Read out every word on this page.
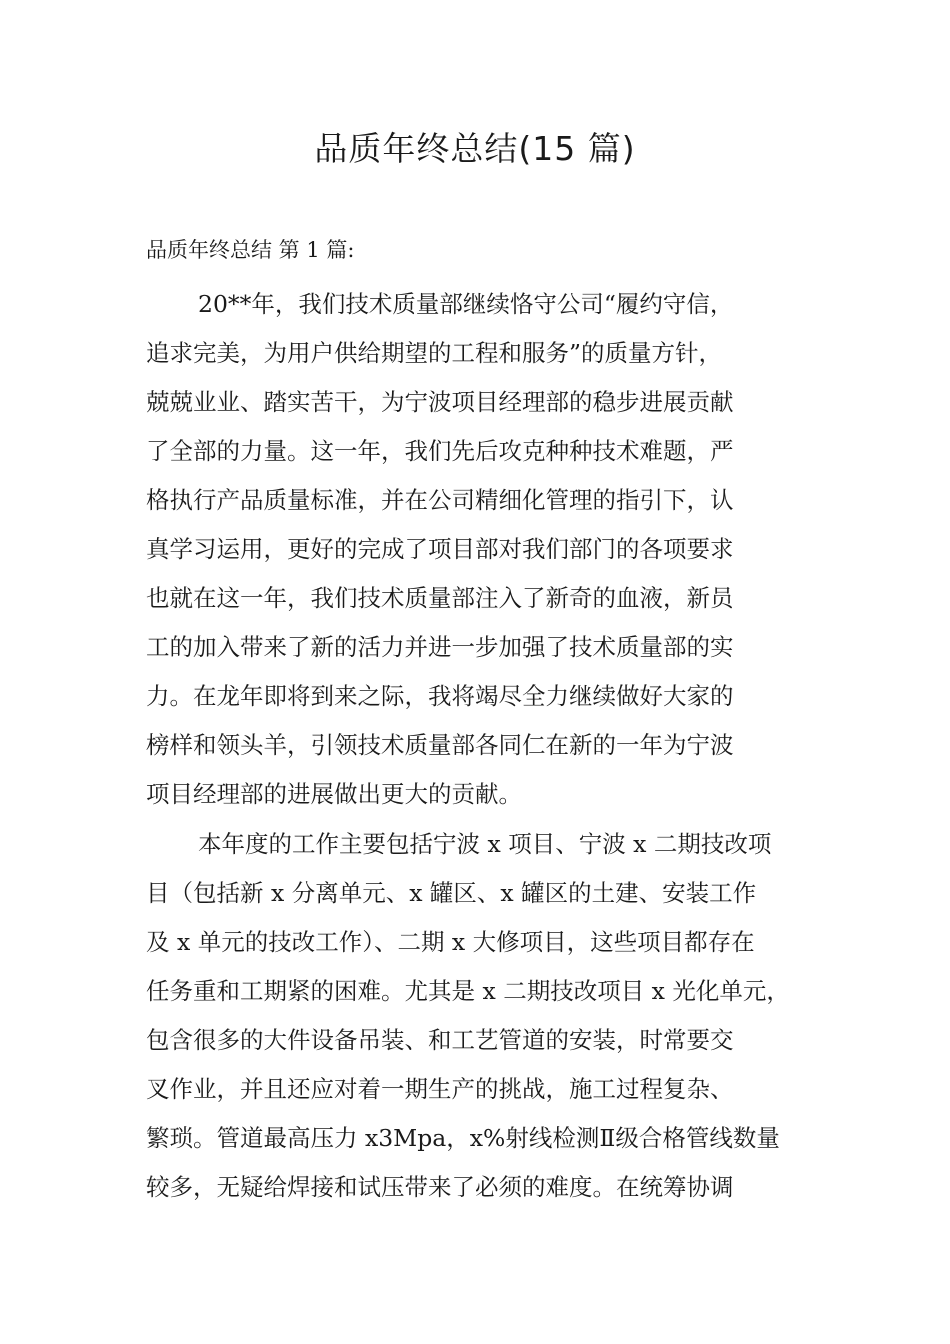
品质年终总结(15 篇)

品质年终总结 第 1 篇:

20**年，我们技术质量部继续恪守公司“履约守信，
追求完美，为用户供给期望的工程和服务”的质量方针，
兢兢业业、踏实苦干，为宁波项目经理部的稳步进展贡献
了全部的力量。这一年，我们先后攻克种种技术难题，严
格执行产品质量标准，并在公司精细化管理的指引下，认
真学习运用，更好的完成了项目部对我们部门的各项要求
也就在这一年，我们技术质量部注入了新奇的血液，新员
工的加入带来了新的活力并进一步加强了技术质量部的实
力。在龙年即将到来之际，我将竭尽全力继续做好大家的
榜样和领头羊，引领技术质量部各同仁在新的一年为宁波
项目经理部的进展做出更大的贡献。
本年度的工作主要包括宁波 x 项目、宁波 x 二期技改项
目（包括新 x 分离单元、x 罐区、x 罐区的土建、安装工作
及 x 单元的技改工作）、二期 x 大修项目，这些项目都存在
任务重和工期紧的困难。尤其是 x 二期技改项目 x 光化单元，
包含很多的大件设备吊装、和工艺管道的安装，时常要交
叉作业，并且还应对着一期生产的挑战，施工过程复杂、
繁琐。管道最高压力 x3Mpa，x%射线检测Ⅱ级合格管线数量
较多，无疑给焊接和试压带来了必须的难度。在统筹协调
